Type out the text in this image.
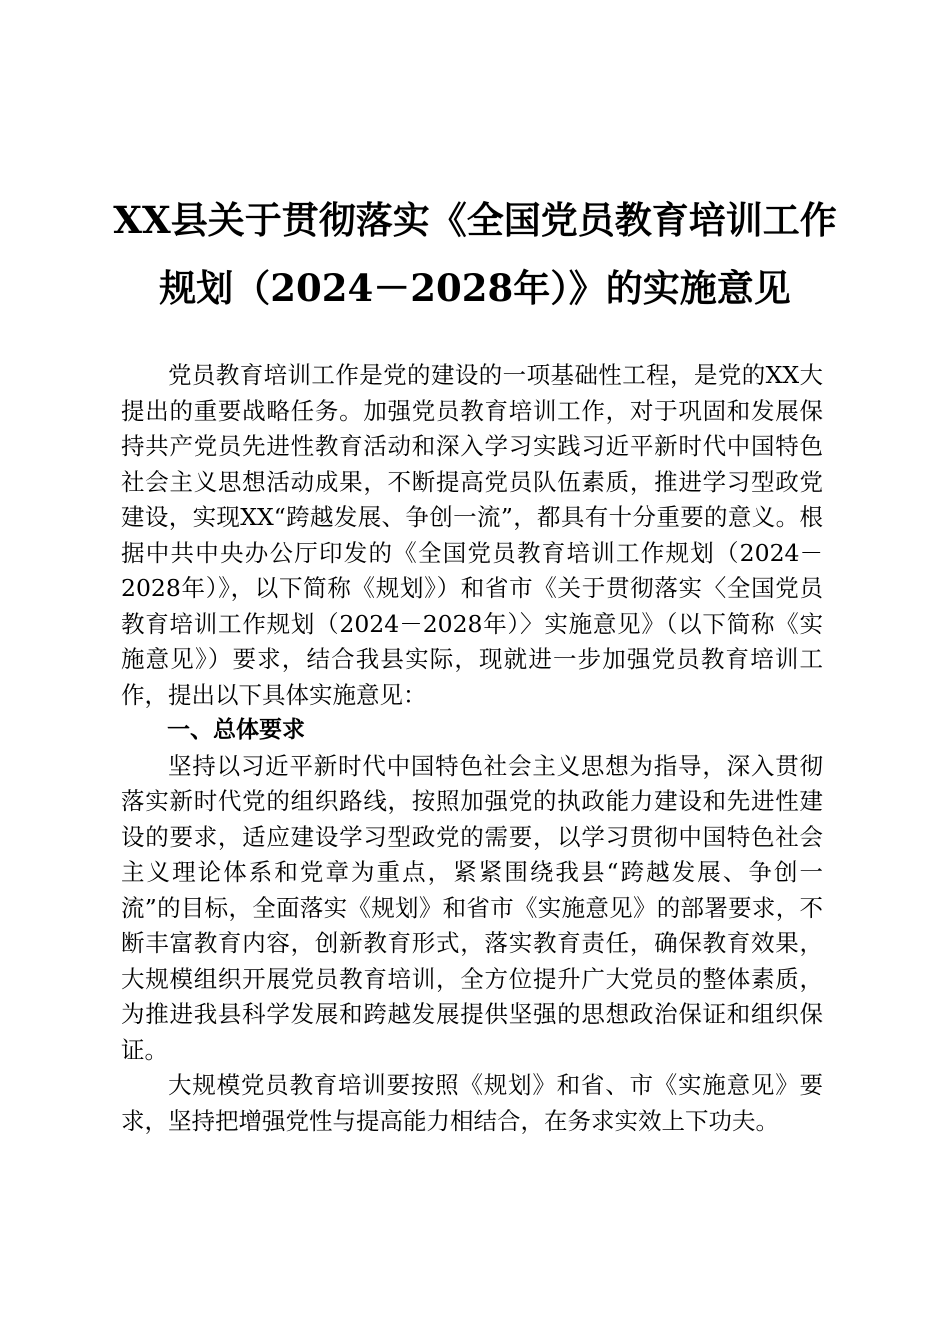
XX县关于贯彻落实《全国党员教育培训工作
规划（2024－2028年）》的实施意见

党员教育培训工作是党的建设的一项基础性工程，是党的XX大提出的重要战略任务。加强党员教育培训工作，对于巩固和发展保持共产党员先进性教育活动和深入学习实践习近平新时代中国特色社会主义思想活动成果，不断提高党员队伍素质，推进学习型政党建设，实现XX“跨越发展、争创一流”，都具有十分重要的意义。根据中共中央办公厅印发的《全国党员教育培训工作规划（2024－2028年）》，以下简称《规划》）和省市《关于贯彻落实〈全国党员教育培训工作规划（2024－2028年）〉实施意见》（以下简称《实施意见》）要求，结合我县实际，现就进一步加强党员教育培训工作，提出以下具体实施意见：

一、总体要求

坚持以习近平新时代中国特色社会主义思想为指导，深入贯彻落实新时代党的组织路线，按照加强党的执政能力建设和先进性建设的要求，适应建设学习型政党的需要，以学习贯彻中国特色社会主义理论体系和党章为重点，紧紧围绕我县“跨越发展、争创一流”的目标，全面落实《规划》和省市《实施意见》的部署要求，不断丰富教育内容，创新教育形式，落实教育责任，确保教育效果，大规模组织开展党员教育培训，全方位提升广大党员的整体素质，为推进我县科学发展和跨越发展提供坚强的思想政治保证和组织保证。

大规模党员教育培训要按照《规划》和省、市《实施意见》要求，坚持把增强党性与提高能力相结合，在务求实效上下功夫。
